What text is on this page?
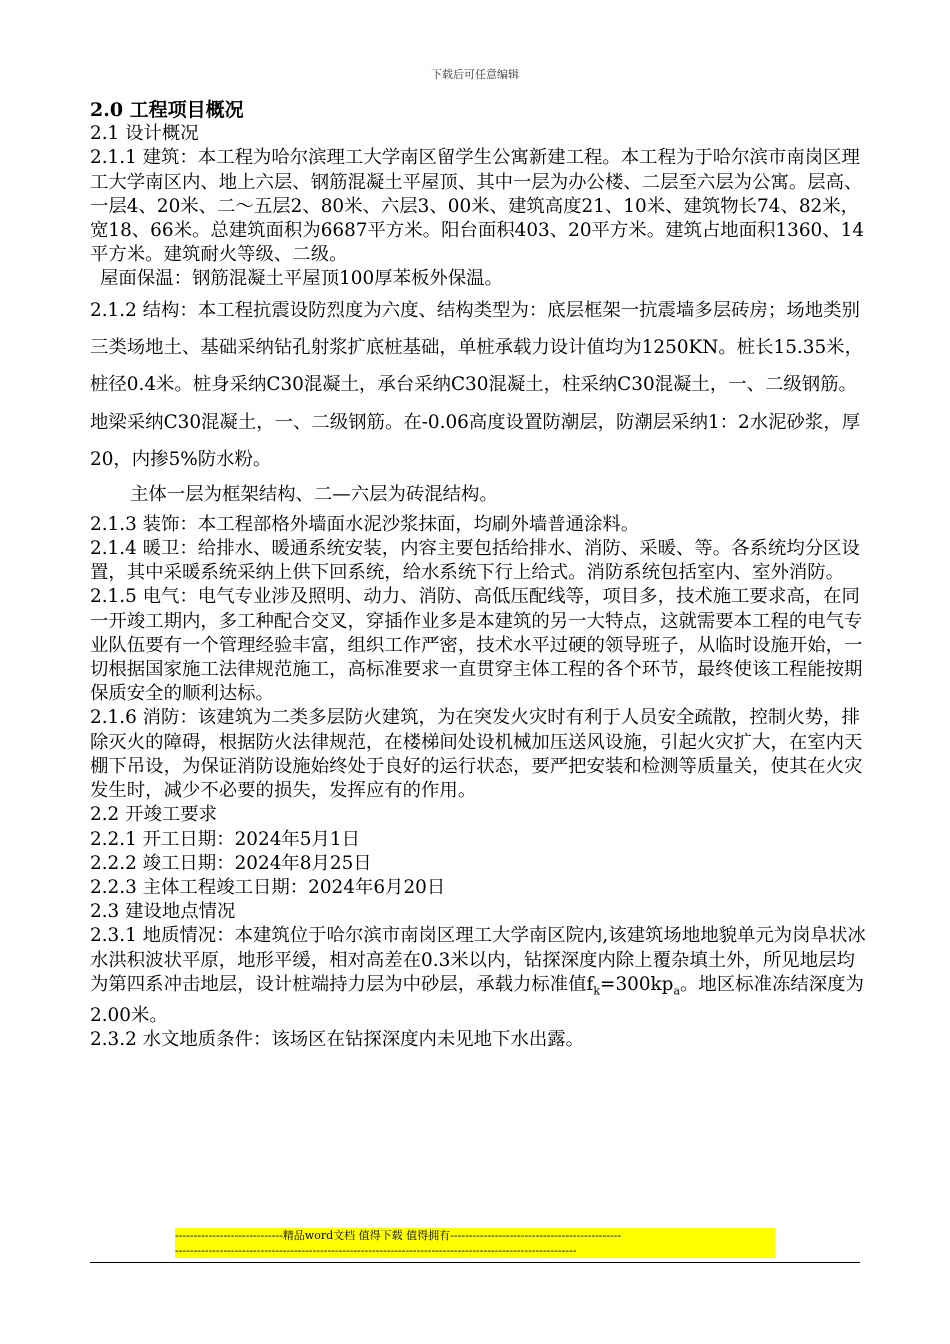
下载后可任意编辑

2.0 工程项目概况

2.1 设计概况

2.1.1 建筑：本工程为哈尔滨理工大学南区留学生公寓新建工程。本工程为于哈尔滨市南岗区理工大学南区内、地上六层、钢筋混凝土平屋顶、其中一层为办公楼、二层至六层为公寓。层高、一层4、20米、二～五层2、80米、六层3、00米、建筑高度21、10米、建筑物长74、82米，宽18、66米。总建筑面积为6687平方米。阳台面积403、20平方米。建筑占地面积1360、14平方米。建筑耐火等级、二级。

屋面保温：钢筋混凝土平屋顶100厚苯板外保温。

2.1.2 结构：本工程抗震设防烈度为六度、结构类型为：底层框架一抗震墙多层砖房；场地类别三类场地土、基础采纳钻孔射浆扩底桩基础，单桩承载力设计值均为1250KN。桩长15.35米，桩径0.4米。桩身采纳C30混凝土，承台采纳C30混凝土，柱采纳C30混凝土，一、二级钢筋。地梁采纳C30混凝土，一、二级钢筋。在-0.06高度设置防潮层，防潮层采纳1：2水泥砂浆，厚20，内掺5%防水粉。

主体一层为框架结构、二—六层为砖混结构。

2.1.3 装饰：本工程部格外墙面水泥沙浆抹面，均刷外墙普通涂料。

2.1.4 暖卫：给排水、暖通系统安装，内容主要包括给排水、消防、采暖、等。各系统均分区设置，其中采暖系统采纳上供下回系统，给水系统下行上给式。消防系统包括室内、室外消防。

2.1.5 电气：电气专业涉及照明、动力、消防、高低压配线等，项目多，技术施工要求高，在同一开竣工期内，多工种配合交叉，穿插作业多是本建筑的另一大特点，这就需要本工程的电气专业队伍要有一个管理经验丰富，组织工作严密，技术水平过硬的领导班子，从临时设施开始，一切根据国家施工法律规范施工，高标准要求一直贯穿主体工程的各个环节，最终使该工程能按期保质安全的顺利达标。

2.1.6 消防：该建筑为二类多层防火建筑，为在突发火灾时有利于人员安全疏散，控制火势，排除灭火的障碍，根据防火法律规范，在楼梯间处设机械加压送风设施，引起火灾扩大，在室内天棚下吊设，为保证消防设施始终处于良好的运行状态，要严把安装和检测等质量关，使其在火灾发生时，减少不必要的损失，发挥应有的作用。

2.2 开竣工要求

2.2.1 开工日期：2024年5月1日

2.2.2 竣工日期：2024年8月25日

2.2.3 主体工程竣工日期：2024年6月20日

2.3 建设地点情况

2.3.1 地质情况：本建筑位于哈尔滨市南岗区理工大学南区院内,该建筑场地地貌单元为岗阜状冰水洪积波状平原，地形平缓，相对高差在0.3米以内，钻探深度内除上覆杂填土外，所见地层均为第四系冲击地层，设计桩端持力层为中砂层，承载力标准值$f_k=300kp_a$。地区标准冻结深度为2.00米。

2.3.2 水文地质条件：该场区在钻探深度内未见地下水出露。

-----------------------------精品word文档 值得下载 值得拥有----------------------------------------------
------------------------------------------------------------------------------------------------------------
